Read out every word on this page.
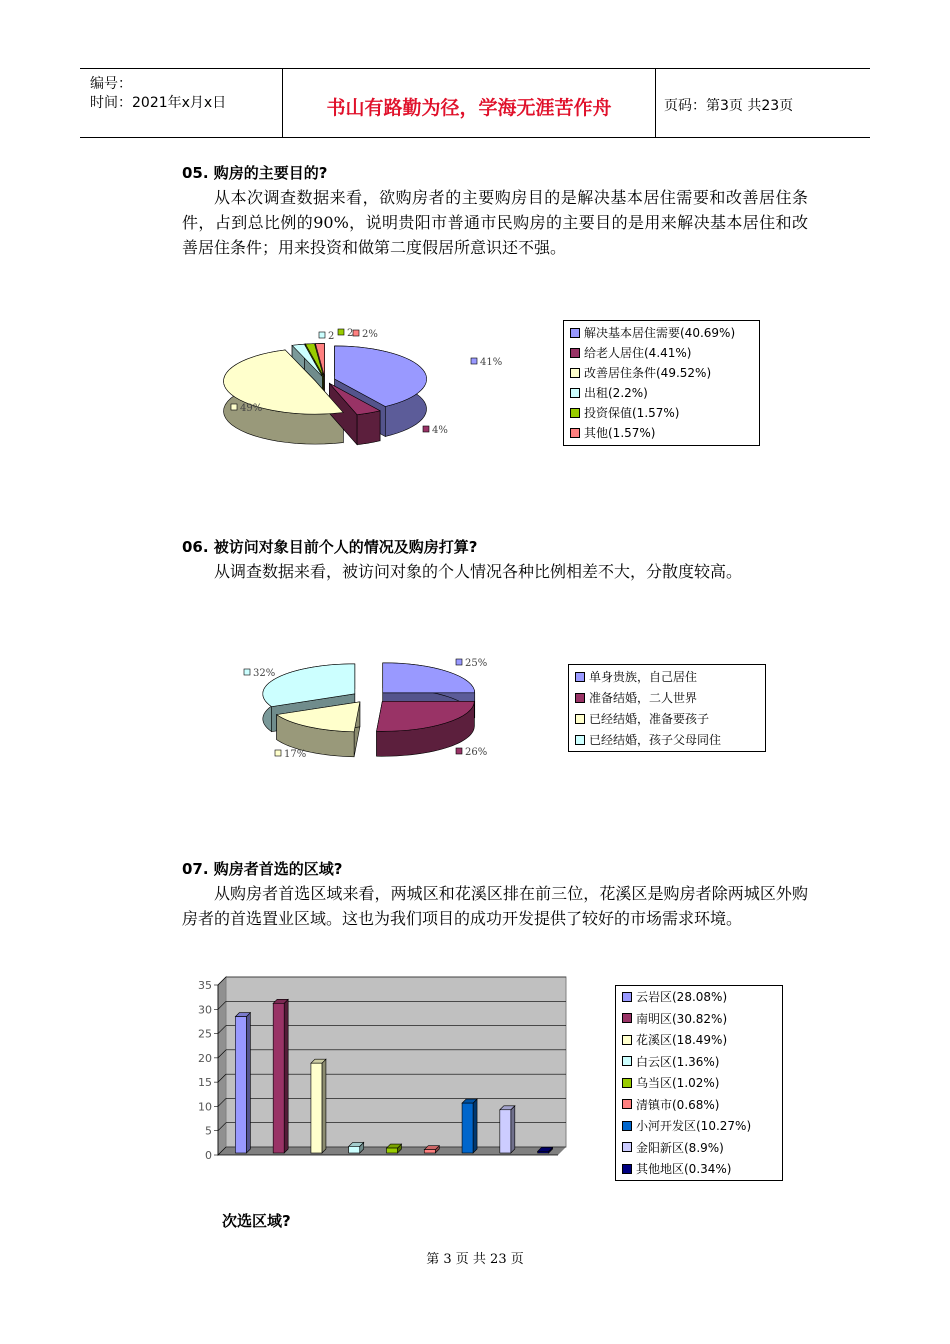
编号：
时间：2021年x月x日	书山有路勤为径，学海无涯苦作舟	页码：第3页 共23页
05. 购房的主要目的?

从本次调查数据来看，欲购房者的主要购房目的是解决基本居住需要和改善居住条件，占到总比例的90%，说明贵阳市普通市民购房的主要目的是用来解决基本居住和改善居住条件；用来投资和做第二度假居所意识还不强。

41%
4%
49%
2 2 2%	解决基本居住需要(40.69%)
给老人居住(4.41%)
改善居住条件(49.52%)
出租(2.2%)
投资保值(1.57%)
其他(1.57%)
06. 被访问对象目前个人的情况及购房打算?

从调查数据来看，被访问对象的个人情况各种比例相差不大，分散度较高。

25%
26%
17%
32%	单身贵族，自己居住
准备结婚，二人世界
已经结婚，准备要孩子
已经结婚，孩子父母同住
07. 购房者首选的区域?

从购房者首选区域来看，两城区和花溪区排在前三位，花溪区是购房者除两城区外购房者的首选置业区域。这也为我们项目的成功开发提供了较好的市场需求环境。

0
5
10
15
20
25
30
35
云岩区(28.08%)
南明区(30.82%)
花溪区(18.49%)
白云区(1.36%)
乌当区(1.02%)
清镇市(0.68%)
小河开发区(10.27%)
金阳新区(8.9%)
其他地区(0.34%)
次选区域?
第 3 页 共 23 页
